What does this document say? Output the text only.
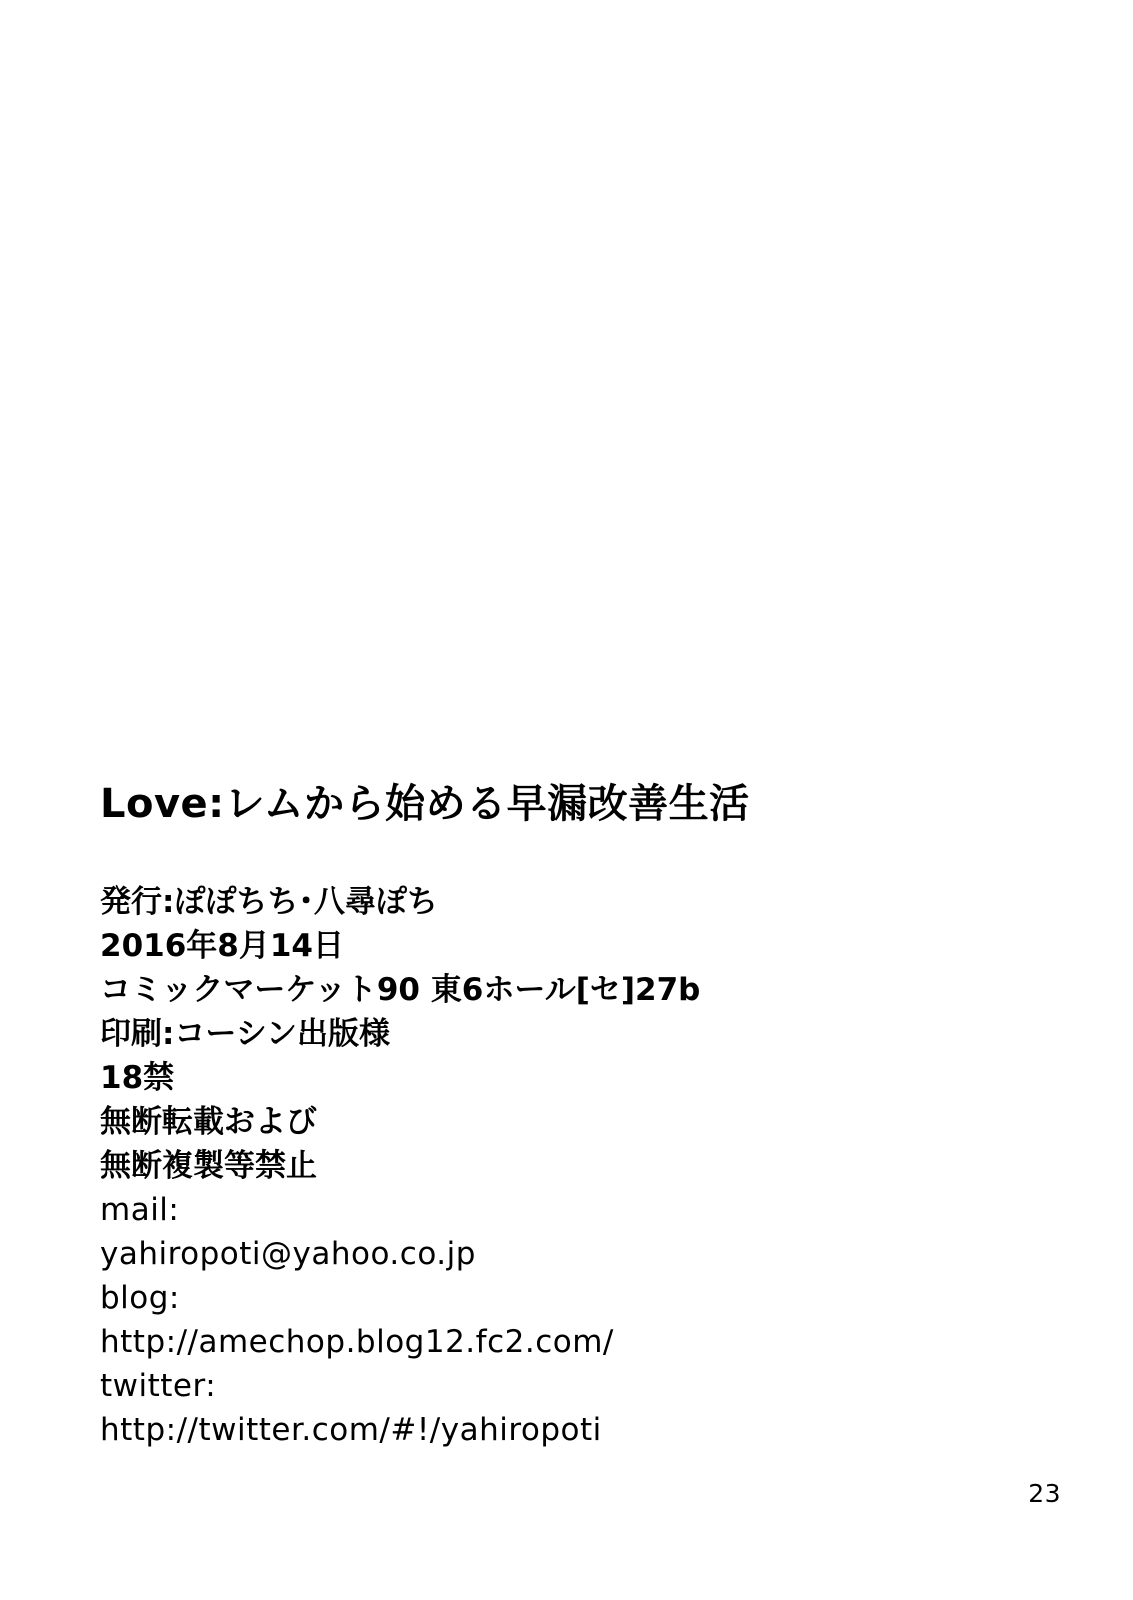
Love:レムから始める早漏改善生活
発行:ぽぽちち･八尋ぽち
2016年8月14日
コミックマーケット90 東6ホール[セ]27b
印刷:コーシン出版様
18禁
無断転載および
無断複製等禁止
mail:
yahiropoti@yahoo.co.jp
blog:
http://amechop.blog12.fc2.com/
twitter:
http://twitter.com/#!/yahiropoti
23
